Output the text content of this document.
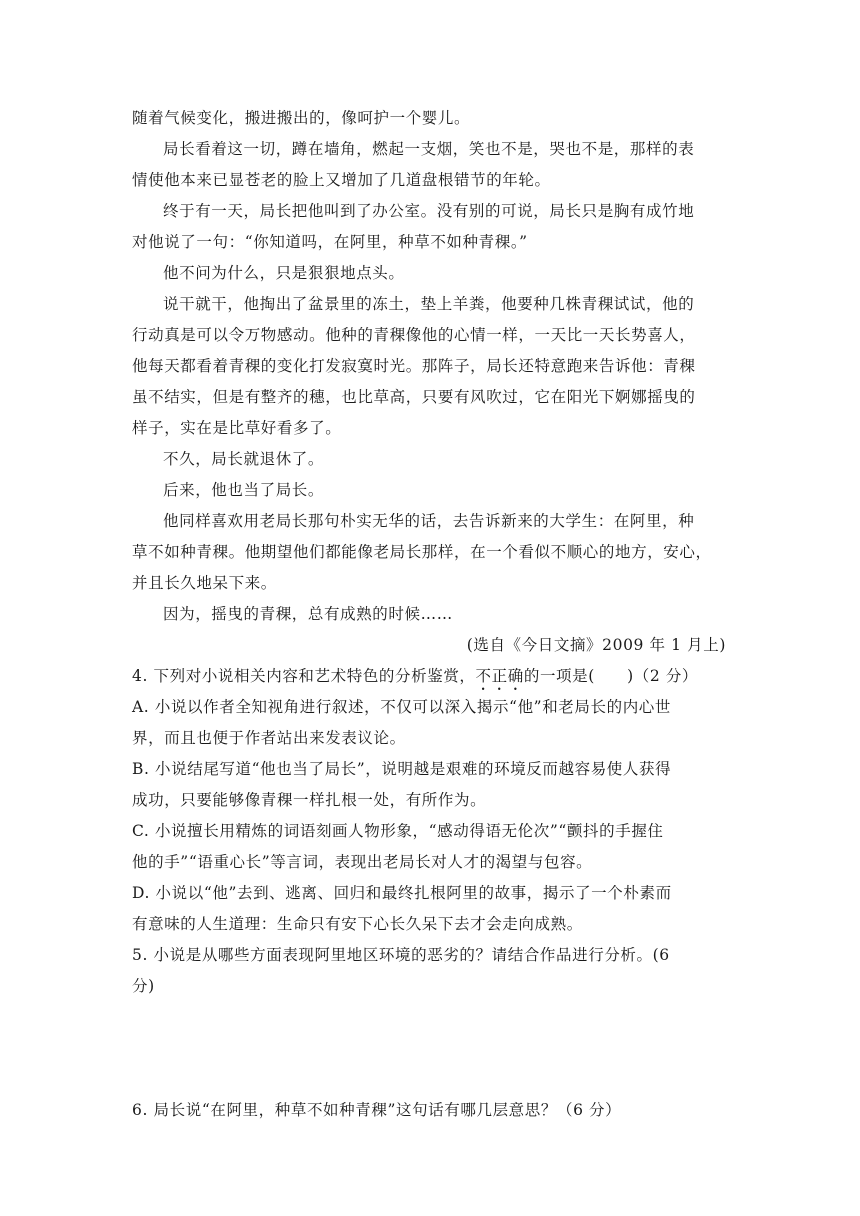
随着气候变化，搬进搬出的，像呵护一个婴儿。
局长看着这一切，蹲在墙角，燃起一支烟，笑也不是，哭也不是，那样的表
情使他本来已显苍老的脸上又增加了几道盘根错节的年轮。
终于有一天，局长把他叫到了办公室。没有别的可说，局长只是胸有成竹地
对他说了一句：“你知道吗，在阿里，种草不如种青稞。”
他不问为什么，只是狠狠地点头。
说干就干，他掏出了盆景里的冻土，垫上羊粪，他要种几株青稞试试，他的
行动真是可以令万物感动。他种的青稞像他的心情一样，一天比一天长势喜人，
他每天都看着青稞的变化打发寂寞时光。那阵子，局长还特意跑来告诉他：青稞
虽不结实，但是有整齐的穗，也比草高，只要有风吹过，它在阳光下婀娜摇曳的
样子，实在是比草好看多了。
不久，局长就退休了。
后来，他也当了局长。
他同样喜欢用老局长那句朴实无华的话，去告诉新来的大学生：在阿里，种
草不如种青稞。他期望他们都能像老局长那样，在一个看似不顺心的地方，安心，
并且长久地呆下来。
因为，摇曳的青稞，总有成熟的时候……
(选自《今日文摘》2009 年 1 月上)
4. 下列对小说相关内容和艺术特色的分析鉴赏，不正确的一项是(　　)（2 分）
A. 小说以作者全知视角进行叙述，不仅可以深入揭示“他”和老局长的内心世
界，而且也便于作者站出来发表议论。
B. 小说结尾写道“他也当了局长”，说明越是艰难的环境反而越容易使人获得
成功，只要能够像青稞一样扎根一处，有所作为。
C. 小说擅长用精炼的词语刻画人物形象，“感动得语无伦次”“颤抖的手握住
他的手”“语重心长”等言词，表现出老局长对人才的渴望与包容。
D. 小说以“他”去到、逃离、回归和最终扎根阿里的故事，揭示了一个朴素而
有意味的人生道理：生命只有安下心长久呆下去才会走向成熟。
5. 小说是从哪些方面表现阿里地区环境的恶劣的？请结合作品进行分析。(6
分)
6. 局长说“在阿里，种草不如种青稞”这句话有哪几层意思？（6 分）
